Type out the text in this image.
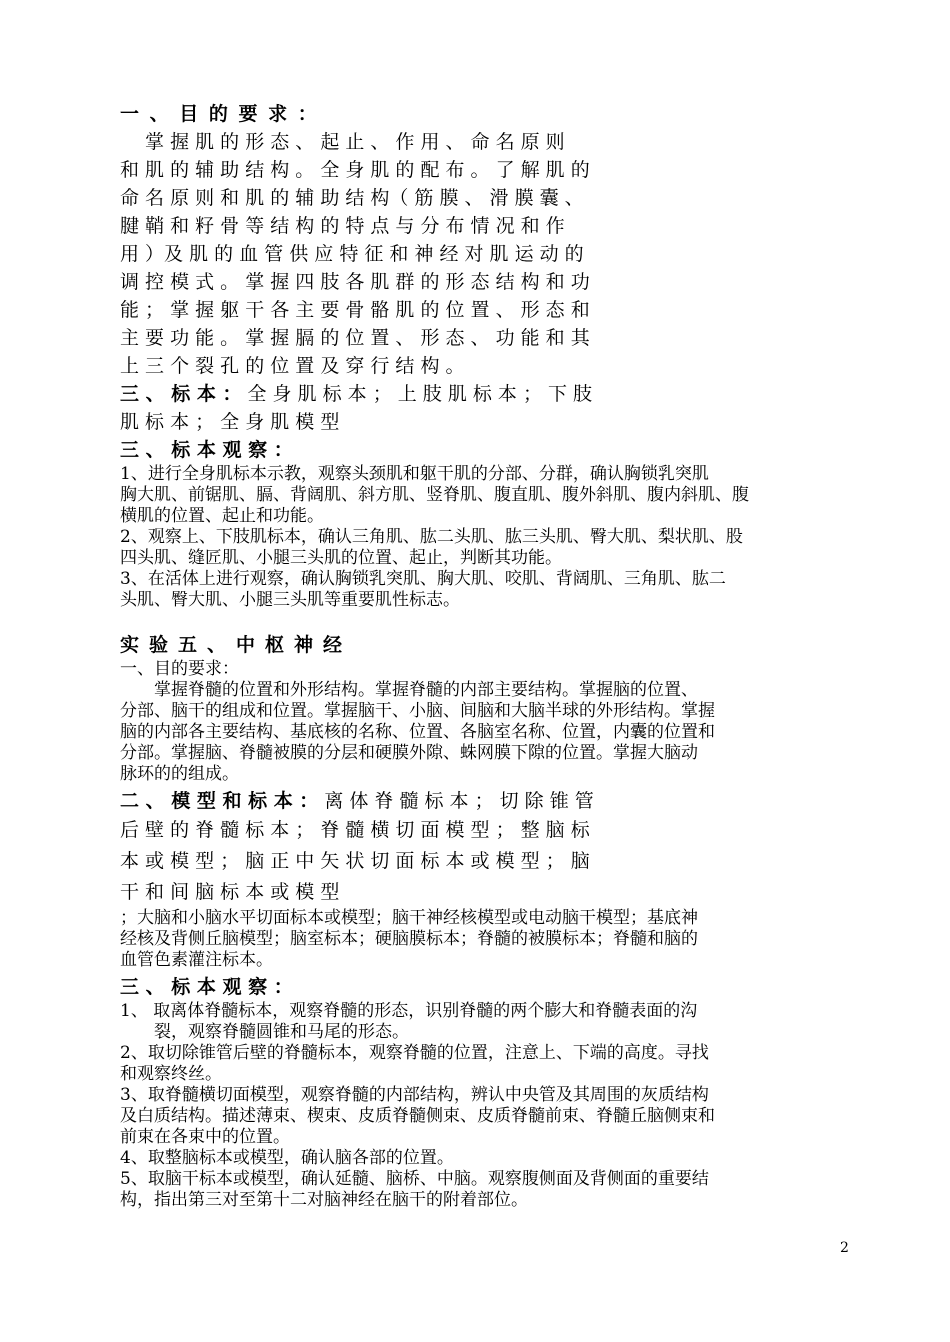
一 、 目 的 要 求 ：
　 掌 握 肌 的 形 态 、 起 止 、 作 用 、 命 名 原 则
和 肌 的 辅 助 结 构 。 全 身 肌 的 配 布 。 了 解 肌 的
命 名 原 则 和 肌 的 辅 助 结 构（ 筋 膜 、 滑 膜 囊 、
腱 鞘 和 籽 骨 等 结 构 的 特 点 与 分 布 情 况 和 作
用 ）及 肌 的 血 管 供 应 特 征 和 神 经 对 肌 运 动 的
调 控 模 式 。 掌 握 四 肢 各 肌 群 的 形 态 结 构 和 功
能 ； 掌 握 躯 干 各 主 要 骨 骼 肌 的 位 置 、 形 态 和
主 要 功 能 。 掌 握 膈 的 位 置 、 形 态 、 功 能 和 其
上 三 个 裂 孔 的 位 置 及 穿 行 结 构 。
三 、 标 本 ： 全 身 肌 标 本 ； 上 肢 肌 标 本 ； 下 肢
肌 标 本 ； 全 身 肌 模 型
三 、 标 本 观 察 ：
1、进行全身肌标本示教，观察头颈肌和躯干肌的分部、分群，确认胸锁乳突肌
胸大肌、前锯肌、膈、背阔肌、斜方肌、竖脊肌、腹直肌、腹外斜肌、腹内斜肌、腹
横肌的位置、起止和功能。
2、观察上、下肢肌标本，确认三角肌、肱二头肌、肱三头肌、臀大肌、梨状肌、股
四头肌、缝匠肌、小腿三头肌的位置、起止，判断其功能。
3、在活体上进行观察，确认胸锁乳突肌、胸大肌、咬肌、背阔肌、三角肌、肱二
头肌、臀大肌、小腿三头肌等重要肌性标志。
实验五、中枢神经
一、目的要求：
　　掌握脊髓的位置和外形结构。掌握脊髓的内部主要结构。掌握脑的位置、
分部、脑干的组成和位置。掌握脑干、小脑、间脑和大脑半球的外形结构。掌握
脑的内部各主要结构、基底核的名称、位置、各脑室名称、位置，内囊的位置和
分部。掌握脑、脊髓被膜的分层和硬膜外隙、蛛网膜下隙的位置。掌握大脑动
脉环的的组成。
二 、 模 型 和 标 本 ： 离 体 脊 髓 标 本 ； 切 除 锥 管
后 壁 的 脊 髓 标 本 ； 脊 髓 横 切 面 模 型 ； 整 脑 标
本 或 模 型 ； 脑 正 中 矢 状 切 面 标 本 或 模 型 ； 脑
干 和 间 脑 标 本 或 模 型
；大脑和小脑水平切面标本或模型；脑干神经核模型或电动脑干模型；基底神
经核及背侧丘脑模型；脑室标本；硬脑膜标本；脊髓的被膜标本；脊髓和脑的
血管色素灌注标本。
三 、 标 本 观 察 ：
1、 取离体脊髓标本，观察脊髓的形态，识别脊髓的两个膨大和脊髓表面的沟
　　裂，观察脊髓圆锥和马尾的形态。
2、取切除锥管后壁的脊髓标本，观察脊髓的位置，注意上、下端的高度。寻找
和观察终丝。
3、取脊髓横切面模型，观察脊髓的内部结构，辨认中央管及其周围的灰质结构
及白质结构。描述薄束、楔束、皮质脊髓侧束、皮质脊髓前束、脊髓丘脑侧束和
前束在各束中的位置。
4、取整脑标本或模型，确认脑各部的位置。
5、取脑干标本或模型，确认延髓、脑桥、中脑。观察腹侧面及背侧面的重要结
构，指出第三对至第十二对脑神经在脑干的附着部位。
2
